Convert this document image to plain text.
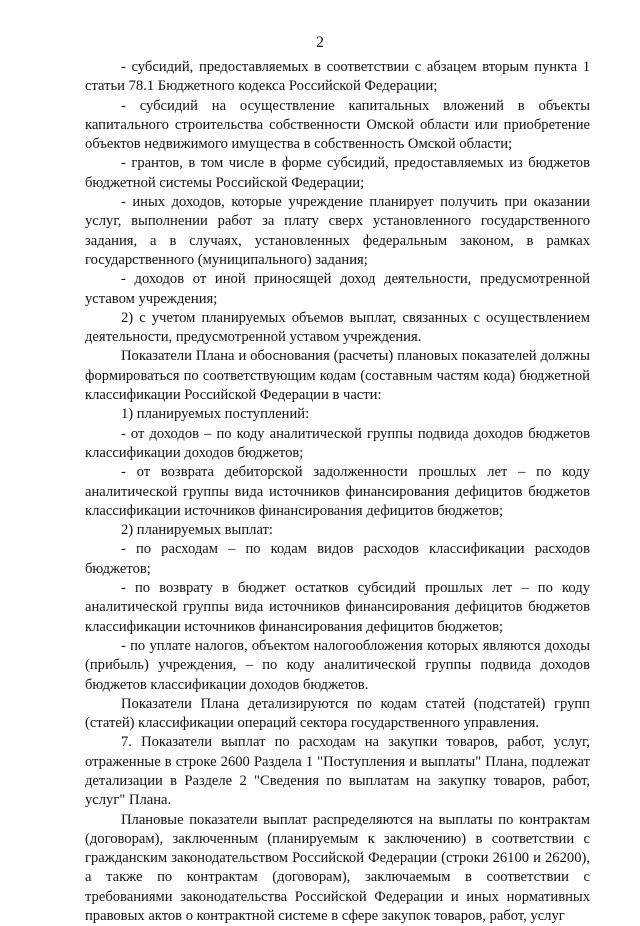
2

- субсидий, предоставляемых в соответствии с абзацем вторым пункта 1 статьи 78.1 Бюджетного кодекса Российской Федерации;

- субсидий на осуществление капитальных вложений в объекты капитального строительства собственности Омской области или приобретение объектов недвижимого имущества в собственность Омской области;

- грантов, в том числе в форме субсидий, предоставляемых из бюджетов бюджетной системы Российской Федерации;

- иных доходов, которые учреждение планирует получить при оказании услуг, выполнении работ за плату сверх установленного государственного задания, а в случаях, установленных федеральным законом, в рамках государственного (муниципального) задания;

- доходов от иной приносящей доход деятельности, предусмотренной уставом учреждения;

2) с учетом планируемых объемов выплат, связанных с осуществлением деятельности, предусмотренной уставом учреждения.

Показатели Плана и обоснования (расчеты) плановых показателей должны формироваться по соответствующим кодам (составным частям кода) бюджетной классификации Российской Федерации в части:

1) планируемых поступлений:

- от доходов – по коду аналитической группы подвида доходов бюджетов классификации доходов бюджетов;

- от возврата дебиторской задолженности прошлых лет – по коду аналитической группы вида источников финансирования дефицитов бюджетов классификации источников финансирования дефицитов бюджетов;

2) планируемых выплат:

- по расходам – по кодам видов расходов классификации расходов бюджетов;

- по возврату в бюджет остатков субсидий прошлых лет – по коду аналитической группы вида источников финансирования дефицитов бюджетов классификации источников финансирования дефицитов бюджетов;

- по уплате налогов, объектом налогообложения которых являются доходы (прибыль) учреждения, – по коду аналитической группы подвида доходов бюджетов классификации доходов бюджетов.

Показатели Плана детализируются по кодам статей (подстатей) групп (статей) классификации операций сектора государственного управления.

7. Показатели выплат по расходам на закупки товаров, работ, услуг, отраженные в строке 2600 Раздела 1 "Поступления и выплаты" Плана, подлежат детализации в Разделе 2 "Сведения по выплатам на закупку товаров, работ, услуг" Плана.

Плановые показатели выплат распределяются на выплаты по контрактам (договорам), заключенным (планируемым к заключению) в соответствии с гражданским законодательством Российской Федерации (строки 26100 и 26200), а также по контрактам (договорам), заключаемым в соответствии с требованиями законодательства Российской Федерации и иных нормативных правовых актов о контрактной системе в сфере закупок товаров, работ, услуг
